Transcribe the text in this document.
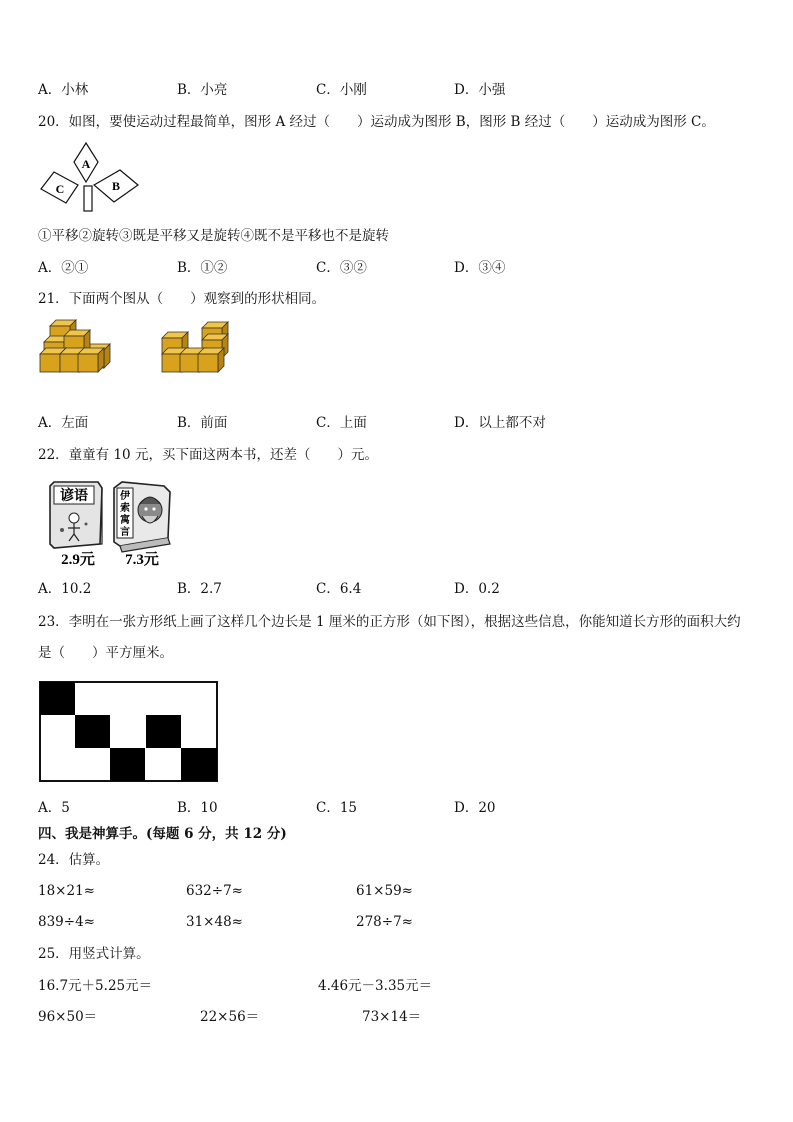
A．小林	B．小亮	C．小刚	D．小强
20．如图，要使运动过程最简单，图形 A 经过（　　）运动成为图形 B，图形 B 经过（　　）运动成为图形 C。
A
B
C
①平移②旋转③既是平移又是旋转④既不是平移也不是旋转
A．②①	B．①②	C．③②	D．③④
21．下面两个图从（　　）观察到的形状相同。
A．左面	B．前面	C．上面	D．以上都不对
22．童童有 10 元，买下面这两本书，还差（　　）元。
谚语
2.9元
伊
索
寓
言
7.3元
A．10.2	B．2.7	C．6.4	D．0.2
23．李明在一张方形纸上画了这样几个边长是 1 厘米的正方形（如下图），根据这些信息，你能知道长方形的面积大约
是（　　）平方厘米。
A．5	B．10	C．15	D．20
四、我是神算手。(每题 6 分，共 12 分)
24．估算。
18×21≈	632÷7≈	61×59≈
839÷4≈	31×48≈	278÷7≈
25．用竖式计算。
16.7元＋5.25元＝	4.46元－3.35元＝
96×50＝	22×56＝	73×14＝
